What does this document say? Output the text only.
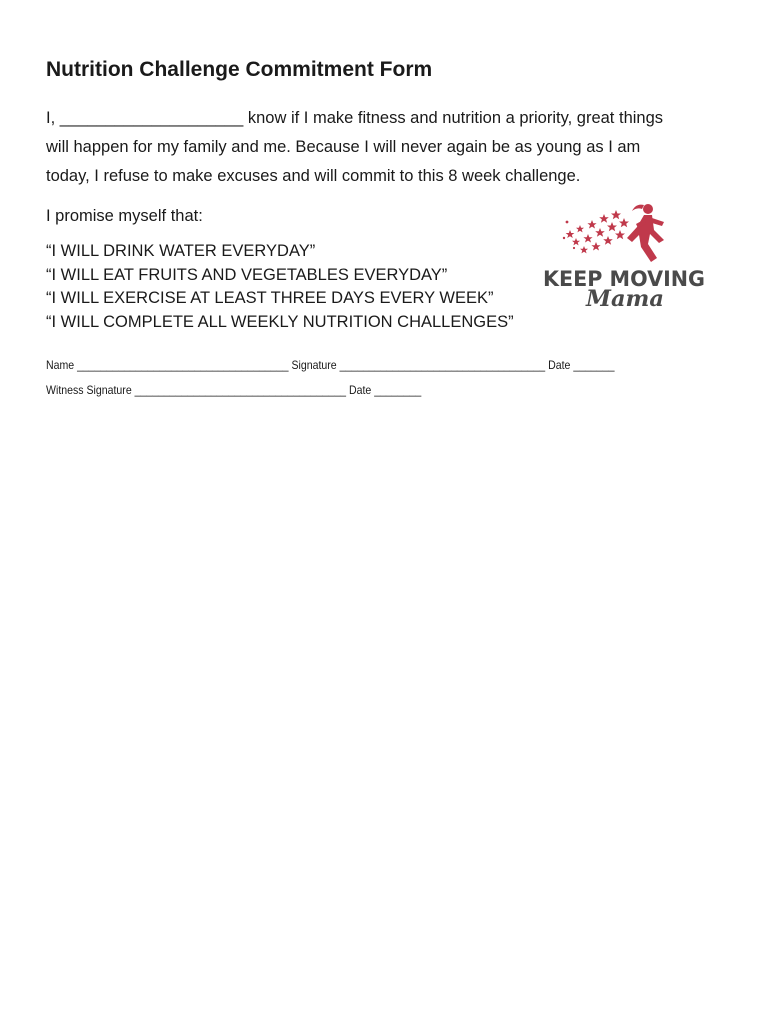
Nutrition Challenge Commitment Form

I, ____________________ know if I make fitness and nutrition a priority, great things
will happen for my family and me. Because I will never again be as young as I am
today, I refuse to make excuses and will commit to this 8 week challenge.

I promise myself that:

“I WILL DRINK WATER EVERYDAY”
“I WILL EAT FRUITS AND VEGETABLES EVERYDAY”
“I WILL EXERCISE AT LEAST THREE DAYS EVERY WEEK”
“I WILL COMPLETE ALL WEEKLY NUTRITION CHALLENGES”
Name ____________________________________ Signature ___________________________________ Date _______
Witness Signature ____________________________________ Date ________
KEEP MOVING
Mama
